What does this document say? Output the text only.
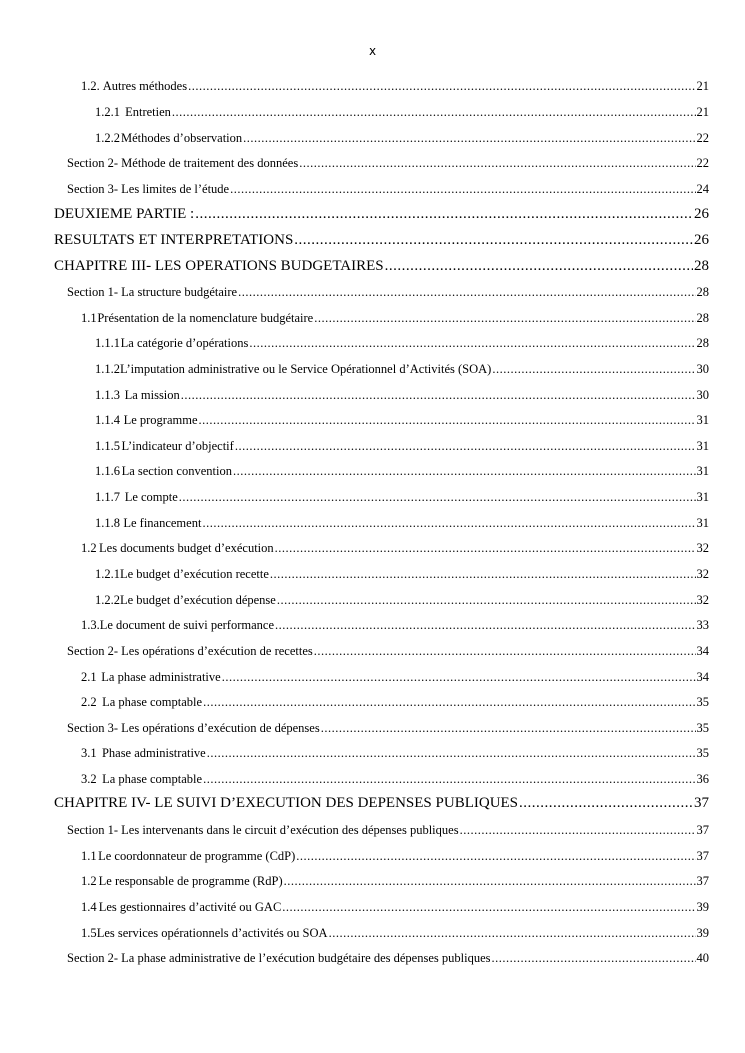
x
1.2. Autres méthodes .....	21
1.2.1 Entretien .....	21
1.2.2 Méthodes d’observation .....	22
Section 2- Méthode de traitement des données .....	22
Section 3- Les limites de l’étude .....	24
DEUXIEME PARTIE : .....	26
RESULTATS ET INTERPRETATIONS .....	26
CHAPITRE III- LES OPERATIONS BUDGETAIRES .....	28
Section 1- La structure budgétaire .....	28
1.1 Présentation de la nomenclature budgétaire .....	28
1.1.1 La catégorie d’opérations .....	28
1.1.2 L’imputation administrative ou le Service Opérationnel d’Activités (SOA) .....	30
1.1.3 La mission .....	30
1.1.4 Le programme .....	31
1.1.5 L’indicateur d’objectif .....	31
1.1.6 La section convention .....	31
1.1.7 Le compte .....	31
1.1.8 Le financement .....	31
1.2 Les documents budget d’exécution .....	32
1.2.1 Le budget d’exécution recette .....	32
1.2.2 Le budget d’exécution dépense .....	32
1.3. Le document de suivi performance .....	33
Section 2- Les opérations d’exécution de recettes .....	34
2.1 La phase administrative .....	34
2.2 La phase comptable .....	35
Section 3- Les opérations d’exécution de dépenses .....	35
3.1 Phase administrative .....	35
3.2 La phase comptable .....	36
CHAPITRE IV- LE SUIVI D’EXECUTION DES DEPENSES PUBLIQUES .....	37
Section 1- Les intervenants dans le circuit d’exécution des dépenses publiques .....	37
1.1 Le coordonnateur de programme (CdP) .....	37
1.2 Le responsable de programme (RdP) .....	37
1.4 Les gestionnaires d’activité ou GAC .....	39
1.5 Les services opérationnels d’activités ou SOA .....	39
Section 2- La phase administrative de l’exécution budgétaire des dépenses publiques .....	40
